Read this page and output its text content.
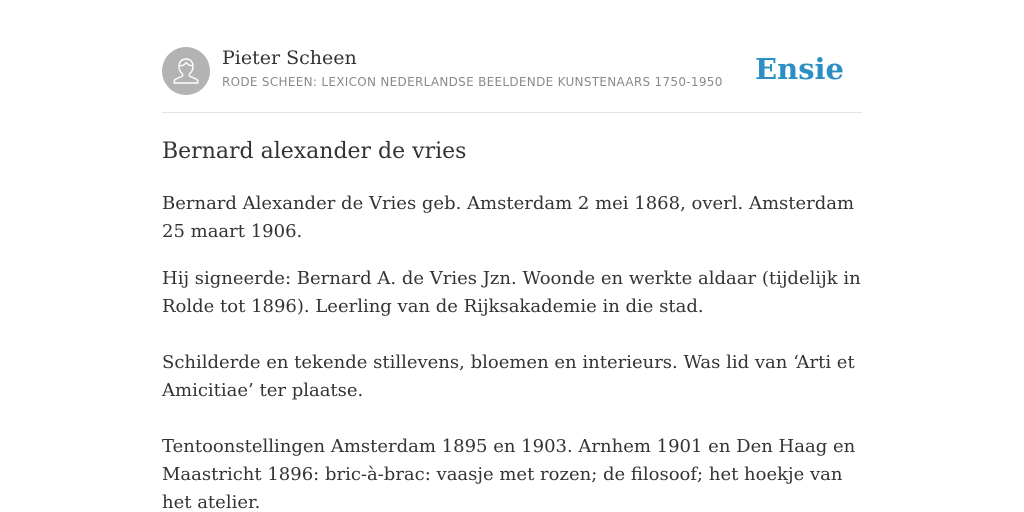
Pieter Scheen
RODE SCHEEN: LEXICON NEDERLANDSE BEELDENDE KUNSTENAARS 1750-1950 Ensie
Bernard alexander de vries

Bernard Alexander de Vries geb. Amsterdam 2 mei 1868, overl. Amsterdam 25 maart 1906.

Hij signeerde: Bernard A. de Vries Jzn. Woonde en werkte aldaar (tijdelijk in Rolde tot 1896). Leerling van de Rijksakademie in die stad.

Schilderde en tekende stillevens, bloemen en interieurs. Was lid van ‘Arti et Amicitiae’ ter plaatse.

Tentoonstellingen Amsterdam 1895 en 1903. Arnhem 1901 en Den Haag en Maastricht 1896: bric-à-brac: vaasje met rozen; de filosoof; het hoekje van het atelier.
